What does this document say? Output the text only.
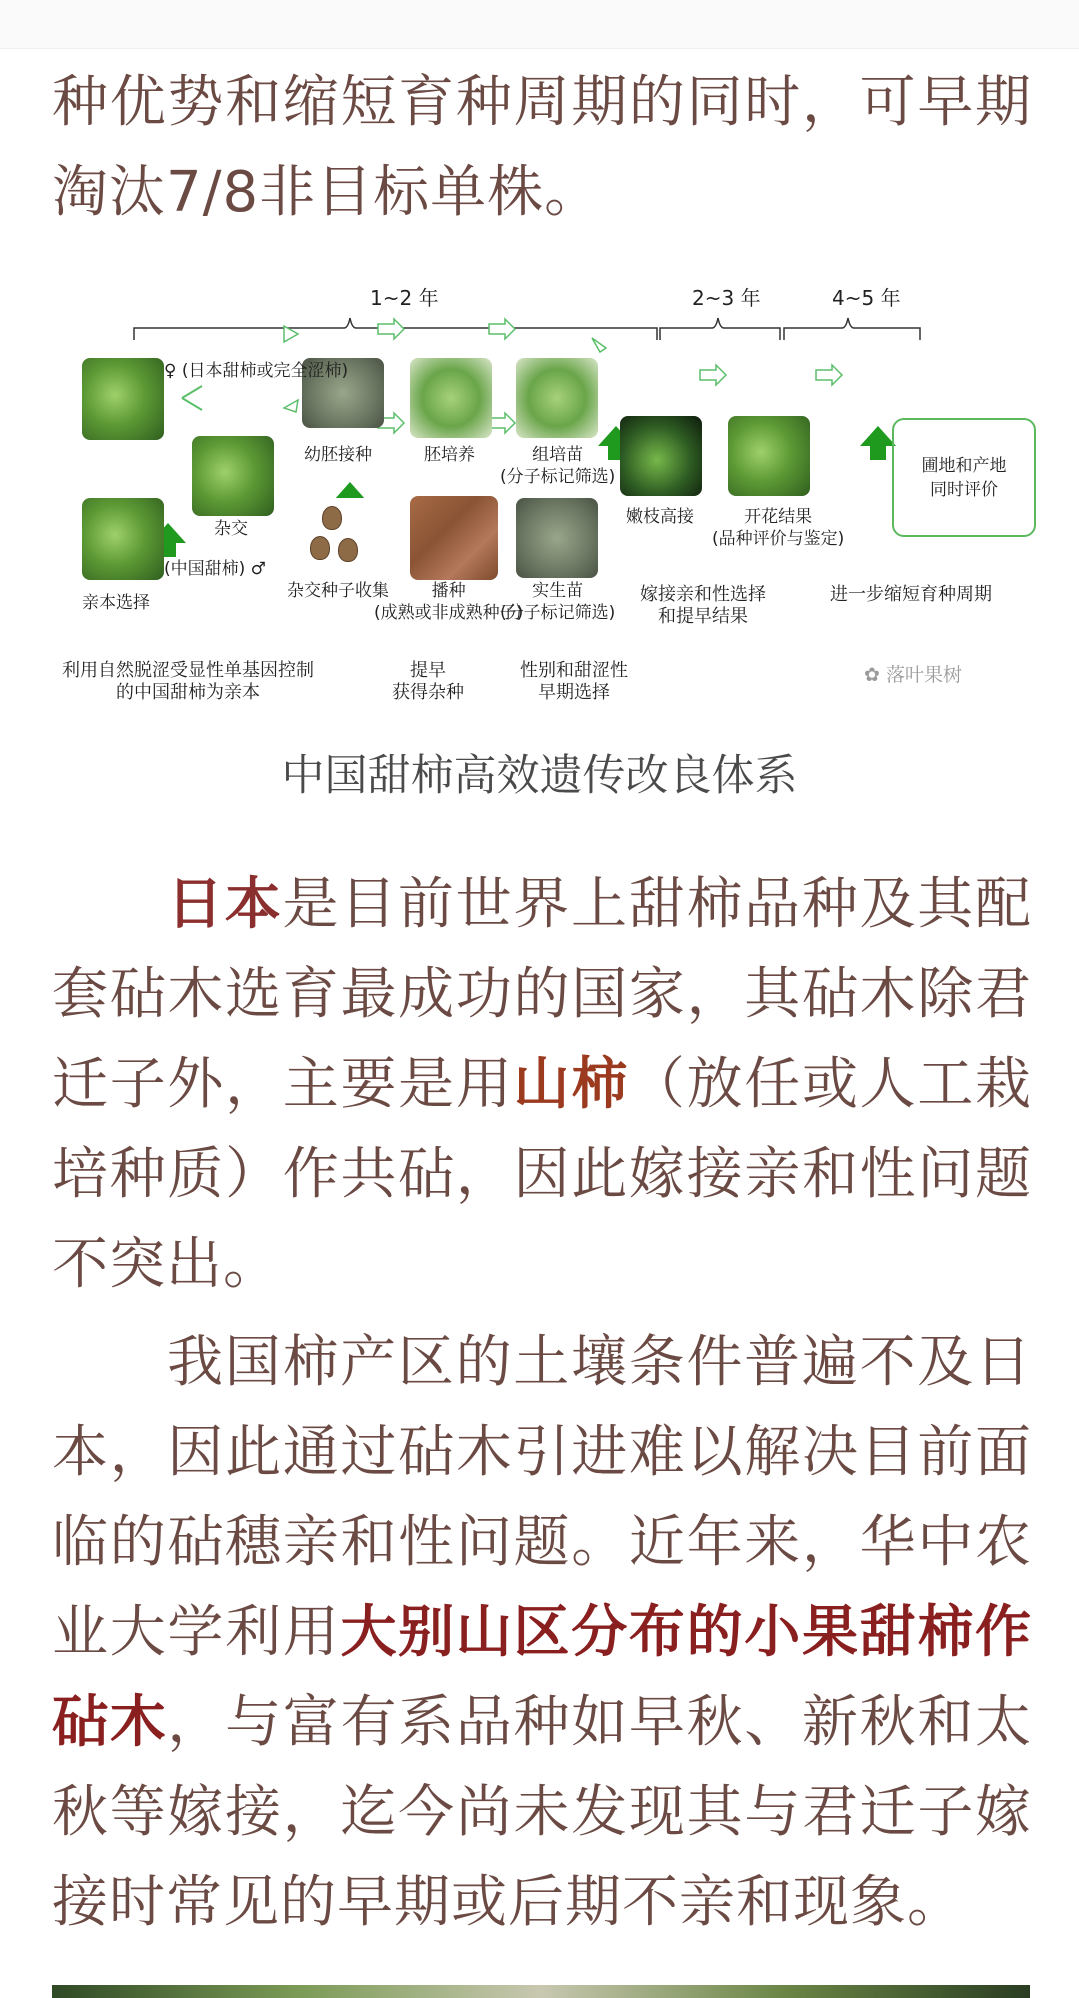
种优势和缩短育种周期的同时，可早期淘汰7/8非目标单株。

1~2 年	2~3 年	4~5 年
♀ (日本甜柿或完全涩柿)
(中国甜柿) ♂
亲本选择
杂交
幼胚接种
杂交种子收集
胚培养
播种
(成熟或非成熟种子)
组培苗
(分子标记筛选)
实生苗
(分子标记筛选)
嫩枝高接	开花结果
(品种评价与鉴定)
圃地和产地
同时评价
嫁接亲和性选择
和提早结果
进一步缩短育种周期
利用自然脱涩受显性单基因控制
的中国甜柿为亲本
提早
获得杂种
性别和甜涩性
早期选择
✿ 落叶果树
中国甜柿高效遗传改良体系

日本是目前世界上甜柿品种及其配套砧木选育最成功的国家，其砧木除君迁子外，主要是用山柿（放任或人工栽培种质）作共砧，因此嫁接亲和性问题不突出。

我国柿产区的土壤条件普遍不及日本，因此通过砧木引进难以解决目前面临的砧穗亲和性问题。近年来，华中农业大学利用大别山区分布的小果甜柿作砧木，与富有系品种如早秋、新秋和太秋等嫁接，迄今尚未发现其与君迁子嫁接时常见的早期或后期不亲和现象。
